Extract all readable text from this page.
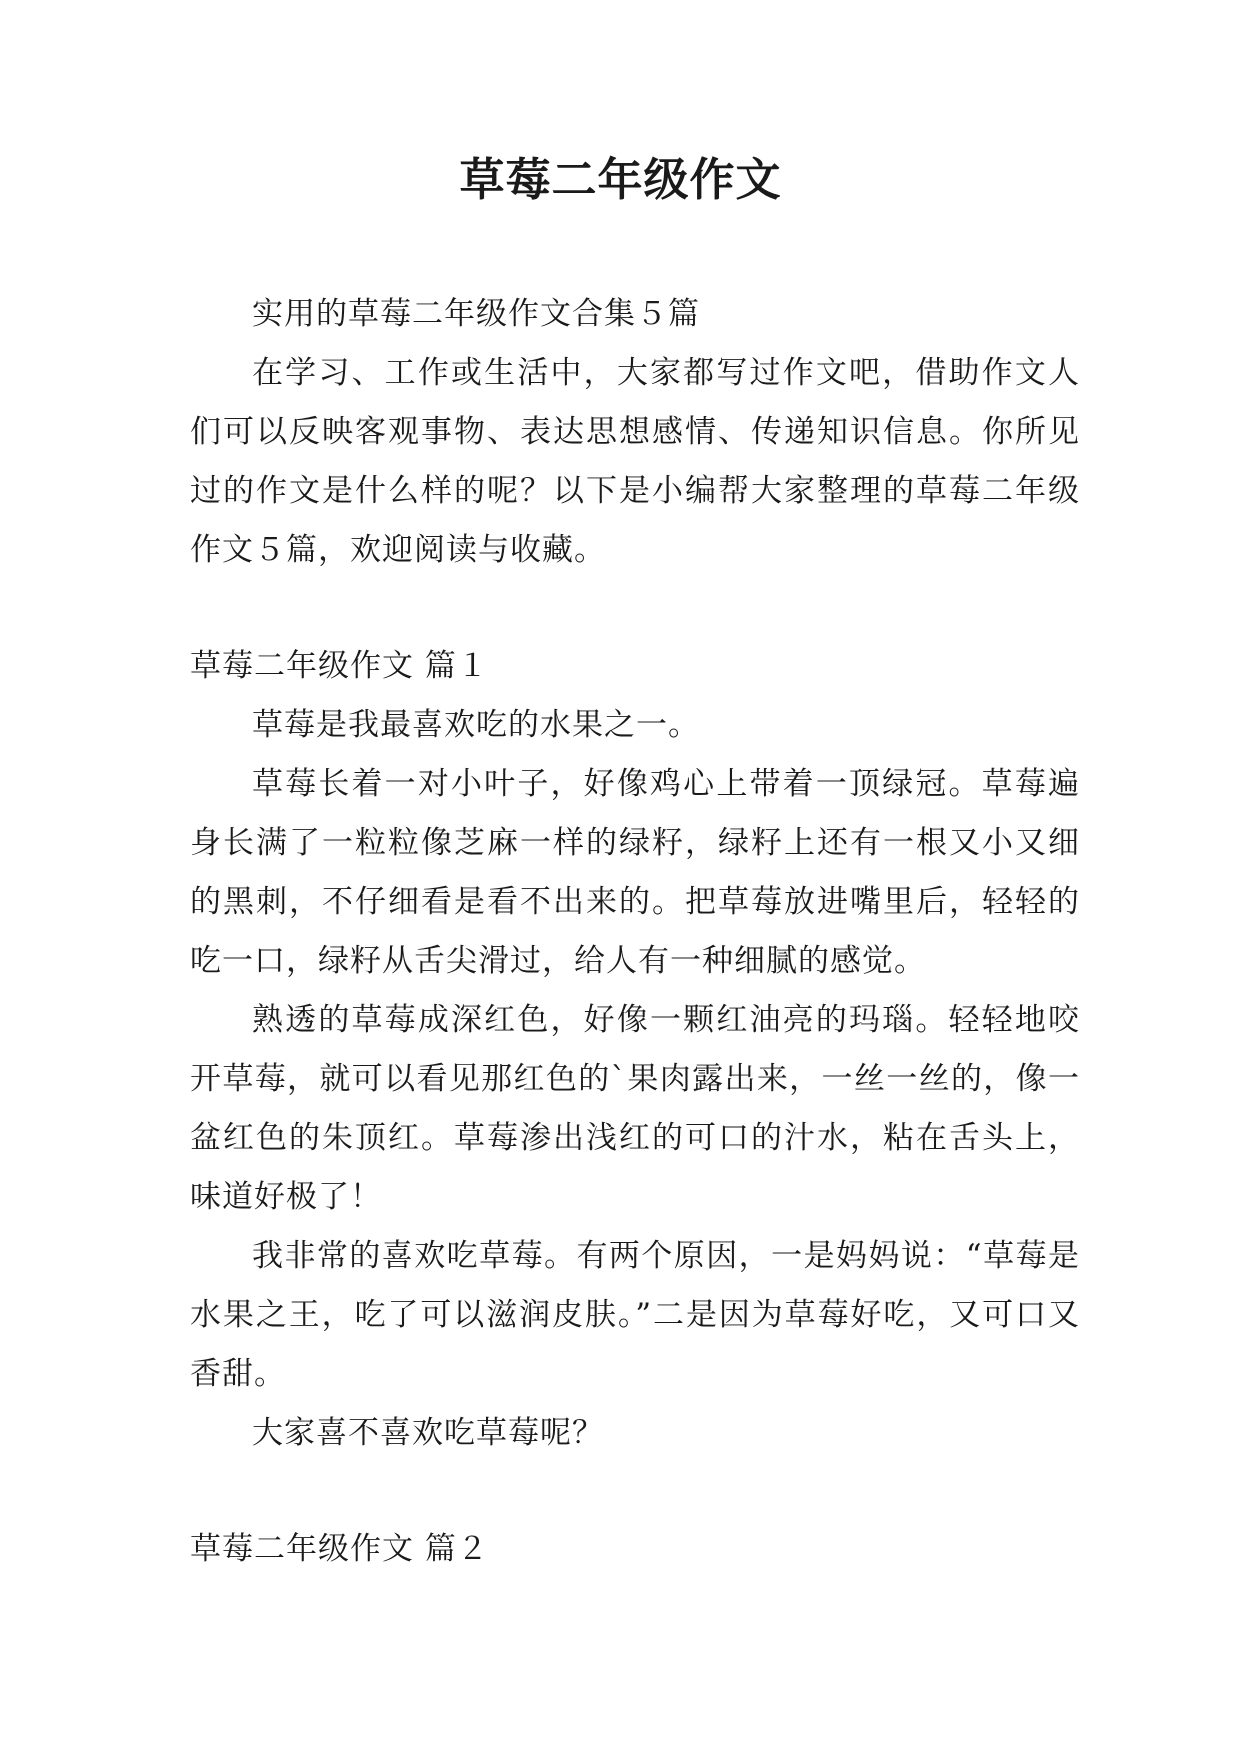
草莓二年级作文

实用的草莓二年级作文合集５篇

在学习、工作或生活中，大家都写过作文吧，借助作文人们可以反映客观事物、表达思想感情、传递知识信息。你所见过的作文是什么样的呢？以下是小编帮大家整理的草莓二年级作文５篇，欢迎阅读与收藏。

草莓二年级作文 篇１

草莓是我最喜欢吃的水果之一。

草莓长着一对小叶子，好像鸡心上带着一顶绿冠。草莓遍身长满了一粒粒像芝麻一样的绿籽，绿籽上还有一根又小又细的黑刺，不仔细看是看不出来的。把草莓放进嘴里后，轻轻的吃一口，绿籽从舌尖滑过，给人有一种细腻的感觉。

熟透的草莓成深红色，好像一颗红油亮的玛瑙。轻轻地咬开草莓，就可以看见那红色的`果肉露出来，一丝一丝的，像一盆红色的朱顶红。草莓渗出浅红的可口的汁水，粘在舌头上，味道好极了！

我非常的喜欢吃草莓。有两个原因，一是妈妈说：“草莓是水果之王，吃了可以滋润皮肤。”二是因为草莓好吃，又可口又香甜。

大家喜不喜欢吃草莓呢？

草莓二年级作文 篇２
